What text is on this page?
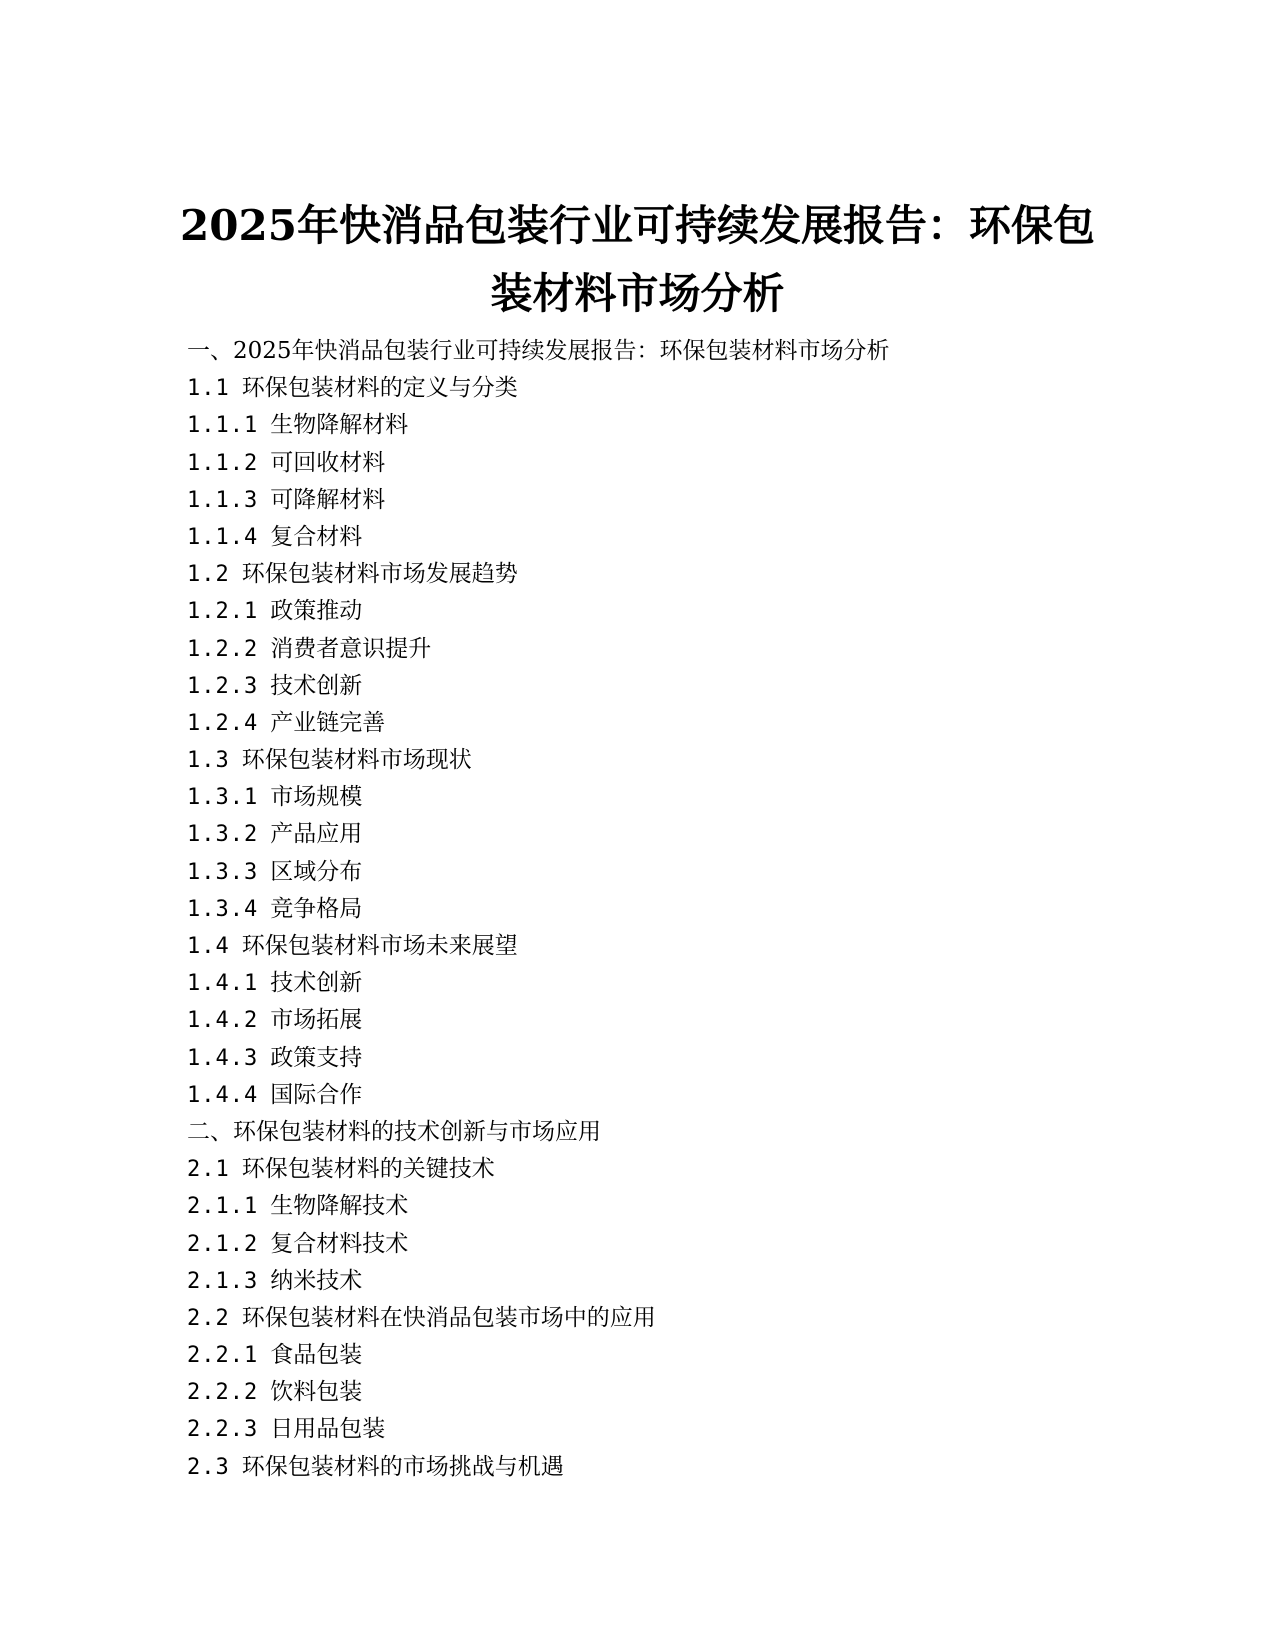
2025年快消品包装行业可持续发展报告：环保包装材料市场分析
一、2025年快消品包装行业可持续发展报告：环保包装材料市场分析
1.1 环保包装材料的定义与分类
1.1.1 生物降解材料
1.1.2 可回收材料
1.1.3 可降解材料
1.1.4 复合材料
1.2 环保包装材料市场发展趋势
1.2.1 政策推动
1.2.2 消费者意识提升
1.2.3 技术创新
1.2.4 产业链完善
1.3 环保包装材料市场现状
1.3.1 市场规模
1.3.2 产品应用
1.3.3 区域分布
1.3.4 竞争格局
1.4 环保包装材料市场未来展望
1.4.1 技术创新
1.4.2 市场拓展
1.4.3 政策支持
1.4.4 国际合作
二、环保包装材料的技术创新与市场应用
2.1 环保包装材料的关键技术
2.1.1 生物降解技术
2.1.2 复合材料技术
2.1.3 纳米技术
2.2 环保包装材料在快消品包装市场中的应用
2.2.1 食品包装
2.2.2 饮料包装
2.2.3 日用品包装
2.3 环保包装材料的市场挑战与机遇
